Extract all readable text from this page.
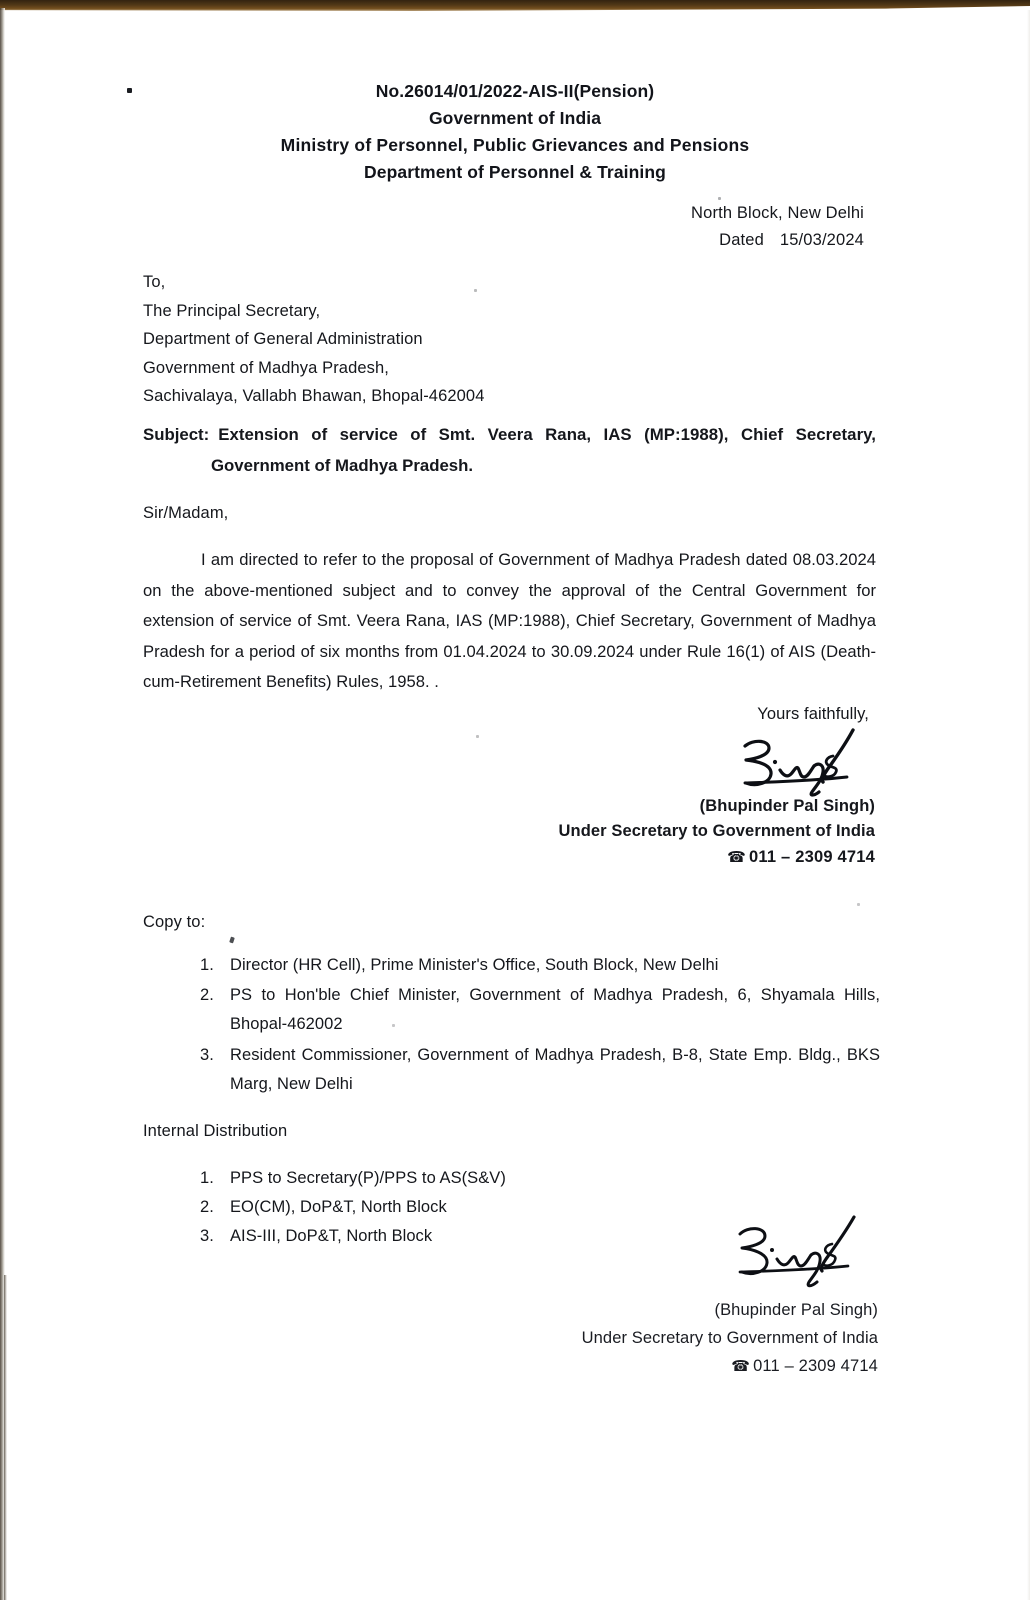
No.26014/01/2022-AIS-II(Pension)
Government of India
Ministry of Personnel, Public Grievances and Pensions
Department of Personnel & Training
North Block, New Delhi
Dated 15/03/2024
To,
The Principal Secretary,
Department of General Administration
Government of Madhya Pradesh,
Sachivalaya, Vallabh Bhawan, Bhopal-462004
Subject: Extension of service of Smt. Veera Rana, IAS (MP:1988), Chief Secretary,
Government of Madhya Pradesh.
Sir/Madam,
I am directed to refer to the proposal of Government of Madhya Pradesh dated 08.03.2024 on the above-mentioned subject and to convey the approval of the Central Government for extension of service of Smt. Veera Rana, IAS (MP:1988), Chief Secretary, Government of Madhya Pradesh for a period of six months from 01.04.2024 to 30.09.2024 under Rule 16(1) of AIS (Death-cum-Retirement Benefits) Rules, 1958. .
Yours faithfully,
(Bhupinder Pal Singh)
Under Secretary to Government of India
☎ 011 – 2309 4714
Copy to:
1. Director (HR Cell), Prime Minister's Office, South Block, New Delhi
2. PS to Hon'ble Chief Minister, Government of Madhya Pradesh, 6, Shyamala Hills, Bhopal-462002
3. Resident Commissioner, Government of Madhya Pradesh, B-8, State Emp. Bldg., BKS Marg, New Delhi
Internal Distribution
1. PPS to Secretary(P)/PPS to AS(S&V)
2. EO(CM), DoP&T, North Block
3. AIS-III, DoP&T, North Block
(Bhupinder Pal Singh)
Under Secretary to Government of India
☎ 011 – 2309 4714
